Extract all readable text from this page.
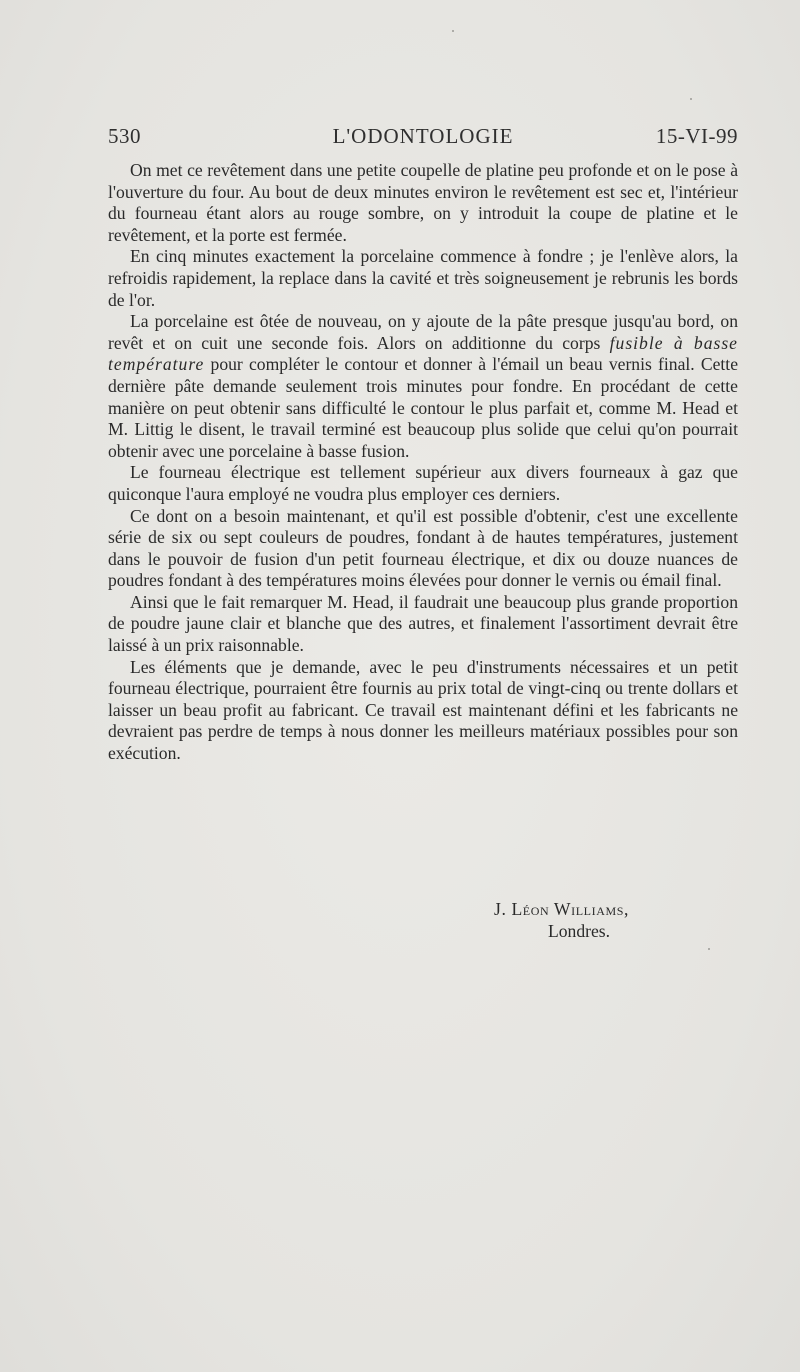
530	L'ODONTOLOGIE	15-VI-99

On met ce revêtement dans une petite coupelle de platine peu profonde et on le pose à l'ouverture du four. Au bout de deux minutes environ le revêtement est sec et, l'intérieur du fourneau étant alors au rouge sombre, on y introduit la coupe de platine et le revêtement, et la porte est fermée.

En cinq minutes exactement la porcelaine commence à fondre ; je l'enlève alors, la refroidis rapidement, la replace dans la cavité et très soigneusement je rebrunis les bords de l'or.

La porcelaine est ôtée de nouveau, on y ajoute de la pâte presque jusqu'au bord, on revêt et on cuit une seconde fois. Alors on additionne du corps fusible à basse température pour compléter le contour et donner à l'émail un beau vernis final. Cette dernière pâte demande seulement trois minutes pour fondre. En procédant de cette manière on peut obtenir sans difficulté le contour le plus parfait et, comme M. Head et M. Littig le disent, le travail terminé est beaucoup plus solide que celui qu'on pourrait obtenir avec une porcelaine à basse fusion.

Le fourneau électrique est tellement supérieur aux divers fourneaux à gaz que quiconque l'aura employé ne voudra plus employer ces derniers.

Ce dont on a besoin maintenant, et qu'il est possible d'obtenir, c'est une excellente série de six ou sept couleurs de poudres, fondant à de hautes températures, justement dans le pouvoir de fusion d'un petit fourneau électrique, et dix ou douze nuances de poudres fondant à des températures moins élevées pour donner le vernis ou émail final.

Ainsi que le fait remarquer M. Head, il faudrait une beaucoup plus grande proportion de poudre jaune clair et blanche que des autres, et finalement l'assortiment devrait être laissé à un prix raisonnable.

Les éléments que je demande, avec le peu d'instruments nécessaires et un petit fourneau électrique, pourraient être fournis au prix total de vingt-cinq ou trente dollars et laisser un beau profit au fabricant. Ce travail est maintenant défini et les fabricants ne devraient pas perdre de temps à nous donner les meilleurs matériaux possibles pour son exécution.

J. Léon Williams,
Londres.
